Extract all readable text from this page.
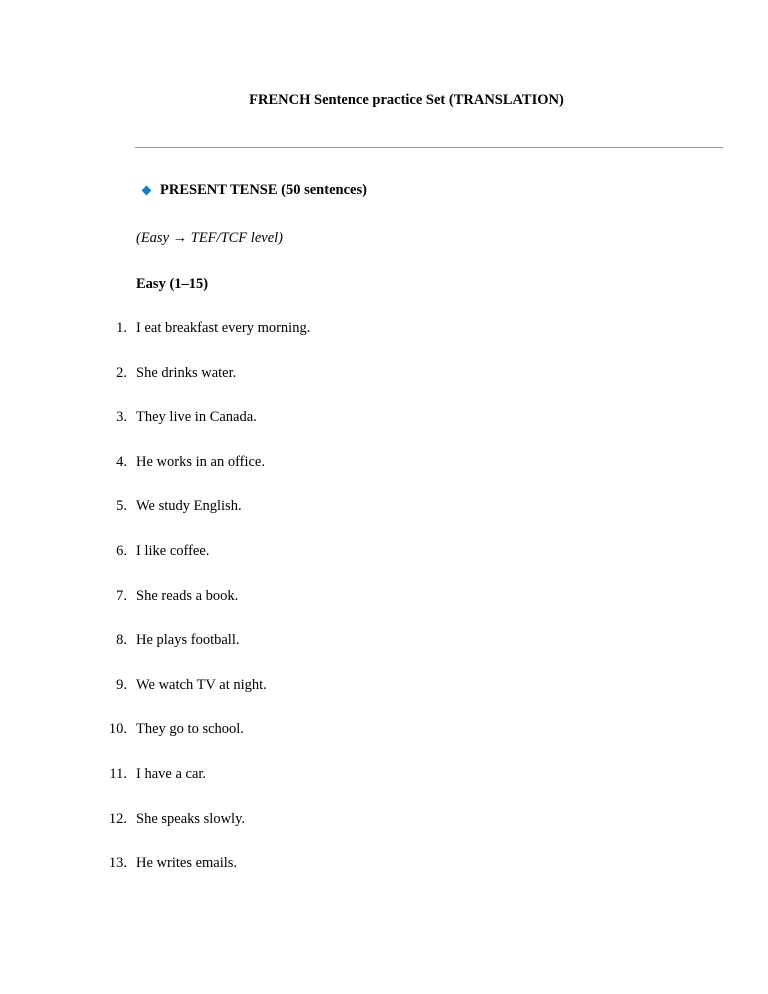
FRENCH Sentence practice Set (TRANSLATION)
PRESENT TENSE (50 sentences)
(Easy → TEF/TCF level)
Easy (1–15)
1. I eat breakfast every morning.
2. She drinks water.
3. They live in Canada.
4. He works in an office.
5. We study English.
6. I like coffee.
7. She reads a book.
8. He plays football.
9. We watch TV at night.
10. They go to school.
11. I have a car.
12. She speaks slowly.
13. He writes emails.
